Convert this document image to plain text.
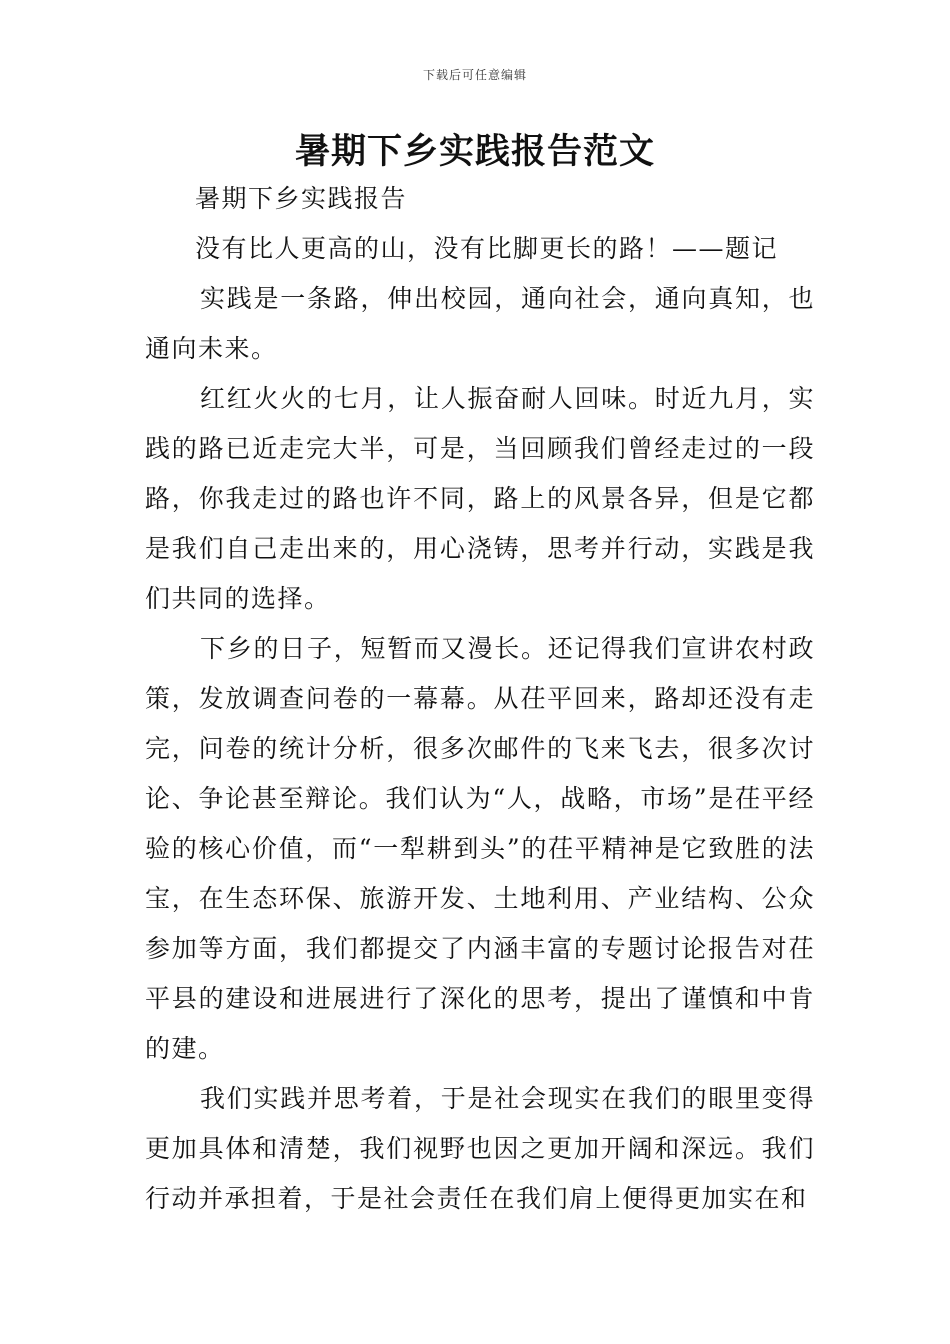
下载后可任意编辑
暑期下乡实践报告范文
暑期下乡实践报告
没有比人更高的山，没有比脚更长的路！——题记

实践是一条路，伸出校园，通向社会，通向真知，也通向未来。

红红火火的七月，让人振奋耐人回味。时近九月，实践的路已近走完大半，可是，当回顾我们曾经走过的一段路，你我走过的路也许不同，路上的风景各异，但是它都是我们自己走出来的，用心浇铸，思考并行动，实践是我们共同的选择。

下乡的日子，短暂而又漫长。还记得我们宣讲农村政策，发放调查问卷的一幕幕。从茌平回来，路却还没有走完，问卷的统计分析，很多次邮件的飞来飞去，很多次讨论、争论甚至辩论。我们认为“人，战略，市场”是茌平经验的核心价值，而“一犁耕到头”的茌平精神是它致胜的法宝，在生态环保、旅游开发、土地利用、产业结构、公众参加等方面，我们都提交了内涵丰富的专题讨论报告对茌平县的建设和进展进行了深化的思考，提出了谨慎和中肯的建。

我们实践并思考着，于是社会现实在我们的眼里变得更加具体和清楚，我们视野也因之更加开阔和深远。我们行动并承担着，于是社会责任在我们肩上便得更加实在和
